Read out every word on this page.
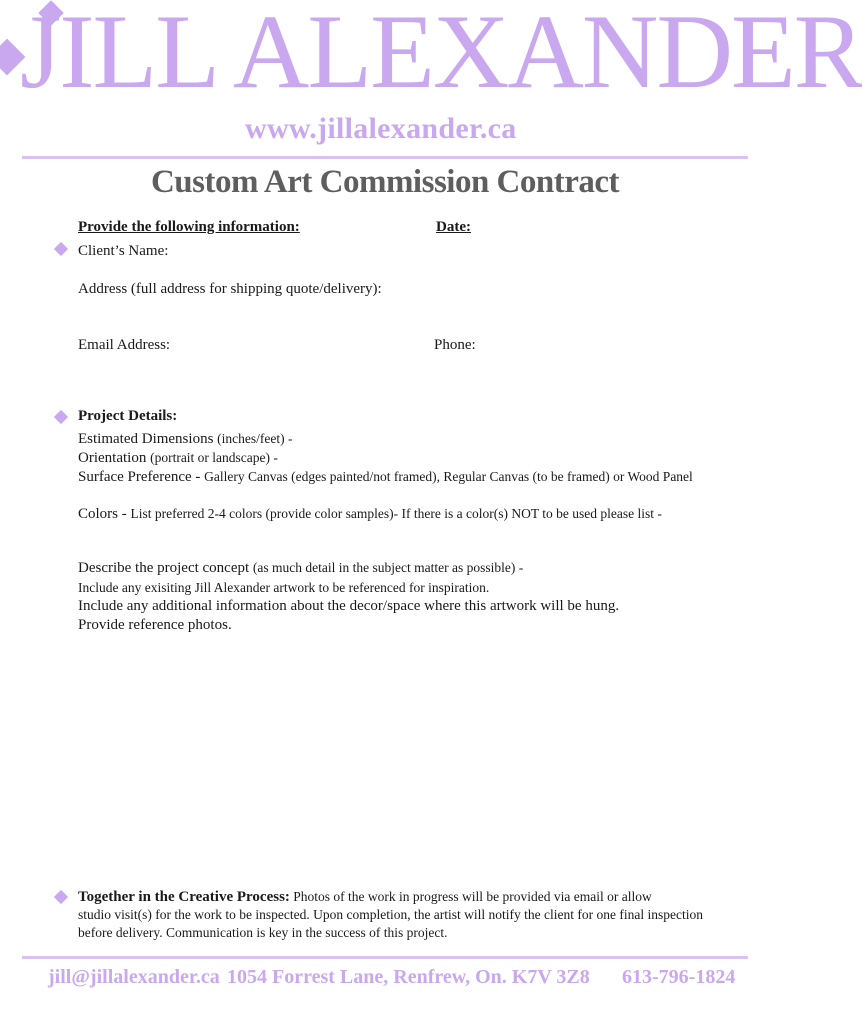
JILL ALEXANDER
www.jillalexander.ca
Custom Art Commission Contract
Provide the following information:	Date:
Client’s Name:
Address (full address for shipping quote/delivery):
Email Address:	Phone:
Project Details:
Estimated Dimensions (inches/feet) -
Orientation (portrait or landscape) -
Surface Preference - Gallery Canvas (edges painted/not framed), Regular Canvas (to be framed) or Wood Panel
Colors - List preferred 2-4 colors (provide color samples)- If there is a color(s) NOT to be used please list -
Describe the project concept (as much detail in the subject matter as possible) -
Include any exisiting Jill Alexander artwork to be referenced for inspiration.
Include any additional information about the decor/space where this artwork will be hung.
Provide reference photos.
Together in the Creative Process: Photos of the work in progress will be provided via email or allow
studio visit(s) for the work to be inspected. Upon completion, the artist will notify the client for one final inspection
before delivery. Communication is key in the success of this project.
jill@jillalexander.ca 1054 Forrest Lane, Renfrew, On. K7V 3Z8 613-796-1824
